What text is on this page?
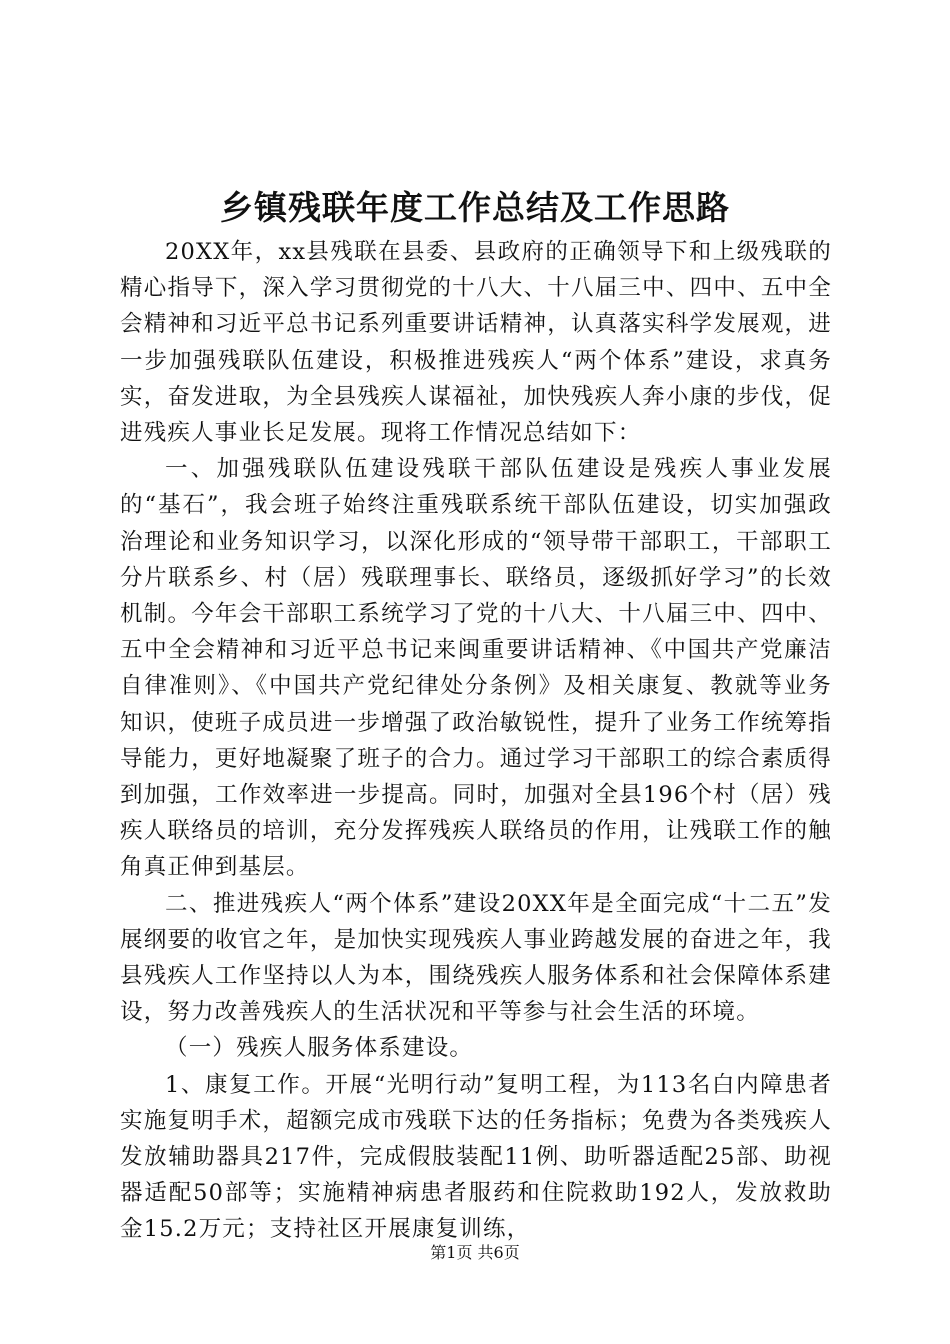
乡镇残联年度工作总结及工作思路

20XX年，xx县残联在县委、县政府的正确领导下和上级残联的精心指导下，深入学习贯彻党的十八大、十八届三中、四中、五中全会精神和习近平总书记系列重要讲话精神，认真落实科学发展观，进一步加强残联队伍建设，积极推进残疾人“两个体系”建设，求真务实，奋发进取，为全县残疾人谋福祉，加快残疾人奔小康的步伐，促进残疾人事业长足发展。现将工作情况总结如下：

一、加强残联队伍建设残联干部队伍建设是残疾人事业发展的“基石”，我会班子始终注重残联系统干部队伍建设，切实加强政治理论和业务知识学习，以深化形成的“领导带干部职工，干部职工分片联系乡、村（居）残联理事长、联络员，逐级抓好学习”的长效机制。今年会干部职工系统学习了党的十八大、十八届三中、四中、五中全会精神和习近平总书记来闽重要讲话精神、《中国共产党廉洁自律准则》、《中国共产党纪律处分条例》及相关康复、教就等业务知识，使班子成员进一步增强了政治敏锐性，提升了业务工作统筹指导能力，更好地凝聚了班子的合力。通过学习干部职工的综合素质得到加强，工作效率进一步提高。同时，加强对全县196个村（居）残疾人联络员的培训，充分发挥残疾人联络员的作用，让残联工作的触角真正伸到基层。

二、推进残疾人“两个体系”建设20XX年是全面完成“十二五”发展纲要的收官之年，是加快实现残疾人事业跨越发展的奋进之年，我县残疾人工作坚持以人为本，围绕残疾人服务体系和社会保障体系建设，努力改善残疾人的生活状况和平等参与社会生活的环境。

（一）残疾人服务体系建设。

1、康复工作。开展“光明行动”复明工程，为113名白内障患者实施复明手术，超额完成市残联下达的任务指标；免费为各类残疾人发放辅助器具217件，完成假肢装配11例、助听器适配25部、助视器适配50部等；实施精神病患者服药和住院救助192人，发放救助金15.2万元；支持社区开展康复训练，

第1页 共6页
